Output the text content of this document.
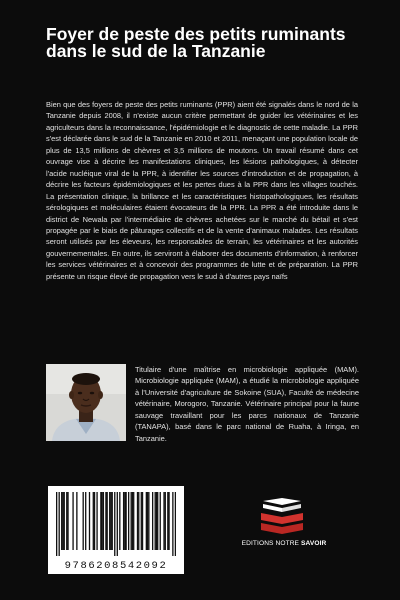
Foyer de peste des petits ruminants dans le sud de la Tanzanie

Bien que des foyers de peste des petits ruminants (PPR) aient été signalés dans le nord de la Tanzanie depuis 2008, il n'existe aucun critère permettant de guider les vétérinaires et les agriculteurs dans la reconnaissance, l'épidémiologie et le diagnostic de cette maladie. La PPR s'est déclarée dans le sud de la Tanzanie en 2010 et 2011, menaçant une population locale de plus de 13,5 millions de chèvres et 3,5 millions de moutons. Un travail résumé dans cet ouvrage vise à décrire les manifestations cliniques, les lésions pathologiques, à détecter l'acide nucléique viral de la PPR, à identifier les sources d'introduction et de propagation, à décrire les facteurs épidémiologiques et les pertes dues à la PPR dans les villages touchés. La présentation clinique, la brillance et les caractéristiques histopathologiques, les résultats sérologiques et moléculaires étaient évocateurs de la PPR. La PPR a été introduite dans le district de Newala par l'intermédiaire de chèvres achetées sur le marché du bétail et s'est propagée par le biais de pâturages collectifs et de la vente d'animaux malades. Les résultats seront utilisés par les éleveurs, les responsables de terrain, les vétérinaires et les autorités gouvernementales. En outre, ils serviront à élaborer des documents d'information, à renforcer les services vétérinaires et à concevoir des programmes de lutte et de préparation. La PPR présente un risque élevé de propagation vers le sud à d'autres pays naïfs

Titulaire d'une maîtrise en microbiologie appliquée (MAM). Microbiologie appliquée (MAM), a étudié la microbiologie appliquée à l'Université d'agriculture de Sokoine (SUA), Faculté de médecine vétérinaire, Morogoro, Tanzanie. Vétérinaire principal pour la faune sauvage travaillant pour les parcs nationaux de Tanzanie (TANAPA), basé dans le parc national de Ruaha, à Iringa, en Tanzanie.

EDITIONS NOTRE SAVOIR
9786208542092
